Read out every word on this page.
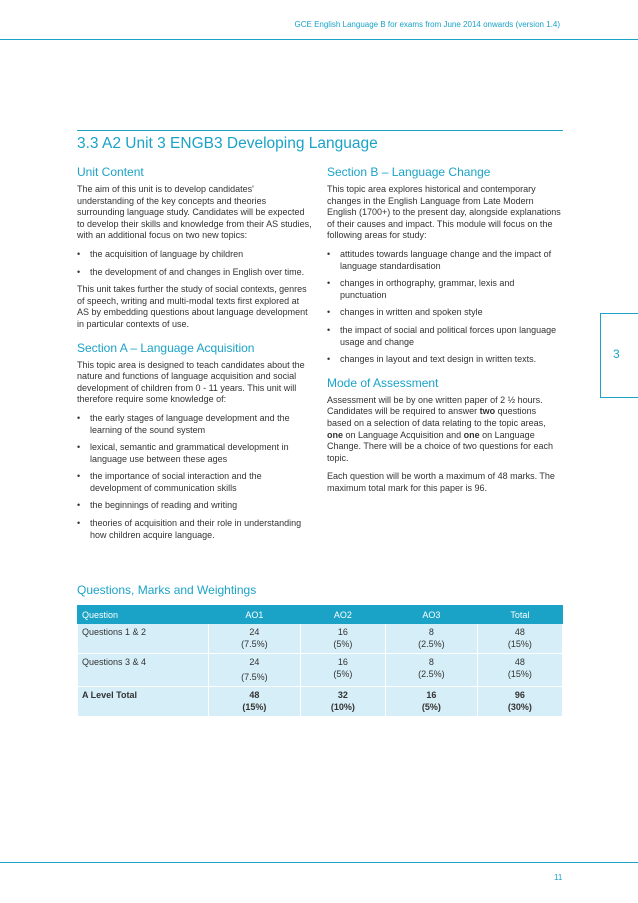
GCE English Language B for exams from June 2014 onwards (version 1.4)
3.3 A2 Unit 3 ENGB3 Developing Language
Unit Content

The aim of this unit is to develop candidates' understanding of the key concepts and theories surrounding language study. Candidates will be expected to develop their skills and knowledge from their AS studies, with an additional focus on two new topics:

• the acquisition of language by children
• the development of and changes in English over time.

This unit takes further the study of social contexts, genres of speech, writing and multi-modal texts first explored at AS by embedding questions about language development in particular contexts of use.

Section A – Language Acquisition

This topic area is designed to teach candidates about the nature and functions of language acquisition and social development of children from 0 - 11 years. This unit will therefore require some knowledge of:

• the early stages of language development and the learning of the sound system
• lexical, semantic and grammatical development in language use between these ages
• the importance of social interaction and the development of communication skills
• the beginnings of reading and writing
• theories of acquisition and their role in understanding how children acquire language.
Section B – Language Change

This topic area explores historical and contemporary changes in the English Language from Late Modern English (1700+) to the present day, alongside explanations of their causes and impact. This module will focus on the following areas for study:

• attitudes towards language change and the impact of language standardisation
• changes in orthography, grammar, lexis and punctuation
• changes in written and spoken style
• the impact of social and political forces upon language usage and change
• changes in layout and text design in written texts.
Mode of Assessment

Assessment will be by one written paper of 2 ½ hours. Candidates will be required to answer two questions based on a selection of data relating to the topic areas, one on Language Acquisition and one on Language Change. There will be a choice of two questions for each topic.

Each question will be worth a maximum of 48 marks. The maximum total mark for this paper is 96.

3
Questions, Marks and Weightings
Question	AO1	AO2	AO3	Total
Questions 1 & 2	24
(7.5%)	16
(5%)	8
(2.5%)	48
(15%)

Questions 3 & 4	24
(7.5%)	16
(5%)	8
(2.5%)	48
(15%)

A Level Total	48
(15%)	32
(10%)	16
(5%)	96
(30%)
11
